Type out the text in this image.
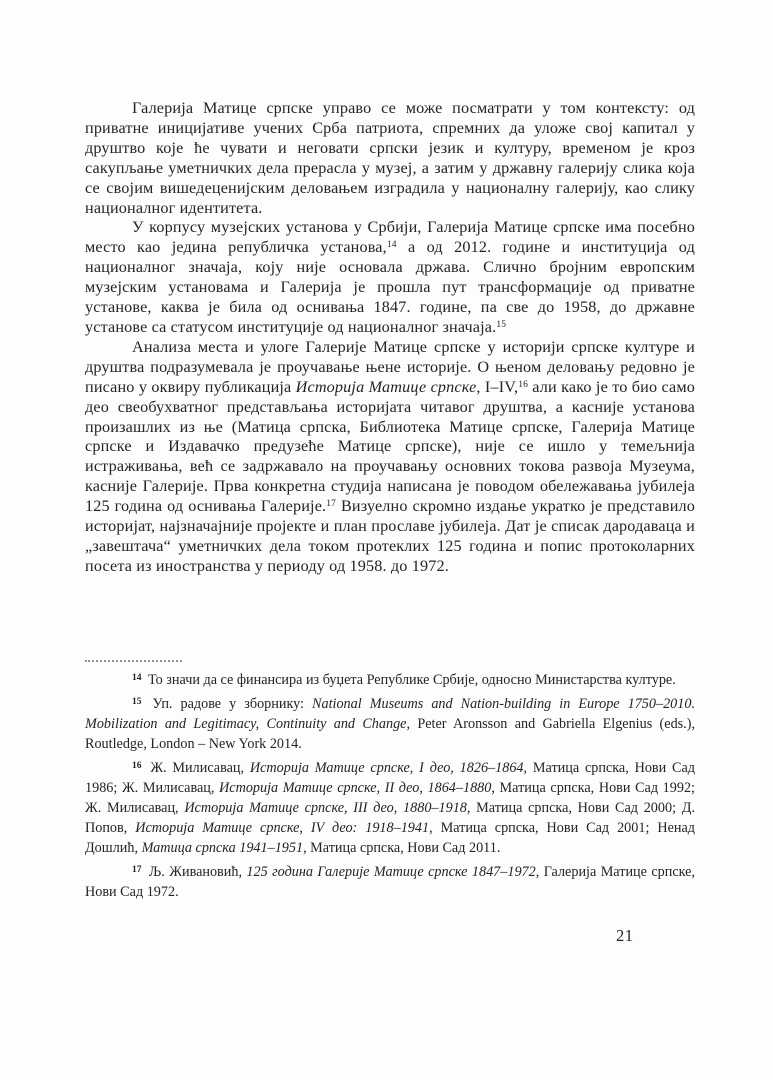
Галерија Матице српске управо се може посматрати у том контексту: од приватне иницијативе учених Срба патриота, спремних да уложе свој капитал у друштво које ће чувати и неговати српски језик и културу, временом је кроз сакупљање уметничких дела прерасла у музеј, а затим у државну галерију слика која се својим вишедеценијским деловањем изградила у националну галерију, као слику националног идентитета.

У корпусу музејских установа у Србији, Галерија Матице српске има посебно место као једина републичка установа,$^{14}$ а од 2012. године и институција од националног значаја, коју није основала држава. Слично бројним европским музејским установама и Галерија је прошла пут трансформације од приватне установе, каква је била од оснивања 1847. године, па све до 1958, до државне установе са статусом институције од националног значаја.$^{15}$

Анализа места и улоге Галерије Матице српске у историји српске културе и друштва подразумевала је проучавање њене историје. О њеном деловању редовно је писано у оквиру публикација Историја Матице српске, I–IV,$^{16}$ али како је то био само део свеобухватног представљања историјата читавог друштва, а касније установа произашлих из ње (Матица српска, Библиотека Матице српске, Галерија Матице српске и Издавачко предузеће Матице српске), није се ишло у темељнија истраживања, већ се задржавало на проучавању основних токова развоја Музеума, касније Галерије. Прва конкретна студија написана је поводом обележавања јубилеја 125 година од оснивања Галерије.$^{17}$ Визуелно скромно издање укратко је представило историјат, најзначајније пројекте и план прославе јубилеја. Дат је списак дародаваца и „завештача“ уметничких дела током протеклих 125 година и попис протоколарних посета из иностранства у периоду од 1958. до 1972.

$^{14}$ То значи да се финансира из буџета Републике Србије, односно Министарства културе.

$^{15}$ Уп. радове у зборнику: National Museums and Nation-building in Europe 1750–2010. Mobilization and Legitimacy, Continuity and Change, Peter Aronsson and Gabriella Elgenius (eds.), Routledge, London – New York 2014.

$^{16}$ Ж. Милисавац, Историја Матице српске, I део, 1826–1864, Матица српска, Нови Сад 1986; Ж. Милисавац, Историја Матице српске, II део, 1864–1880, Матица српска, Нови Сад 1992; Ж. Милисавац, Историја Матице српске, III део, 1880–1918, Матица српска, Нови Сад 2000; Д. Попов, Историја Матице српске, IV део: 1918–1941, Матица српска, Нови Сад 2001; Ненад Дошлић, Матица српска 1941–1951, Матица српска, Нови Сад 2011.

$^{17}$ Љ. Живановић, 125 година Галерије Матице српске 1847–1972, Галерија Матице српске, Нови Сад 1972.

21
